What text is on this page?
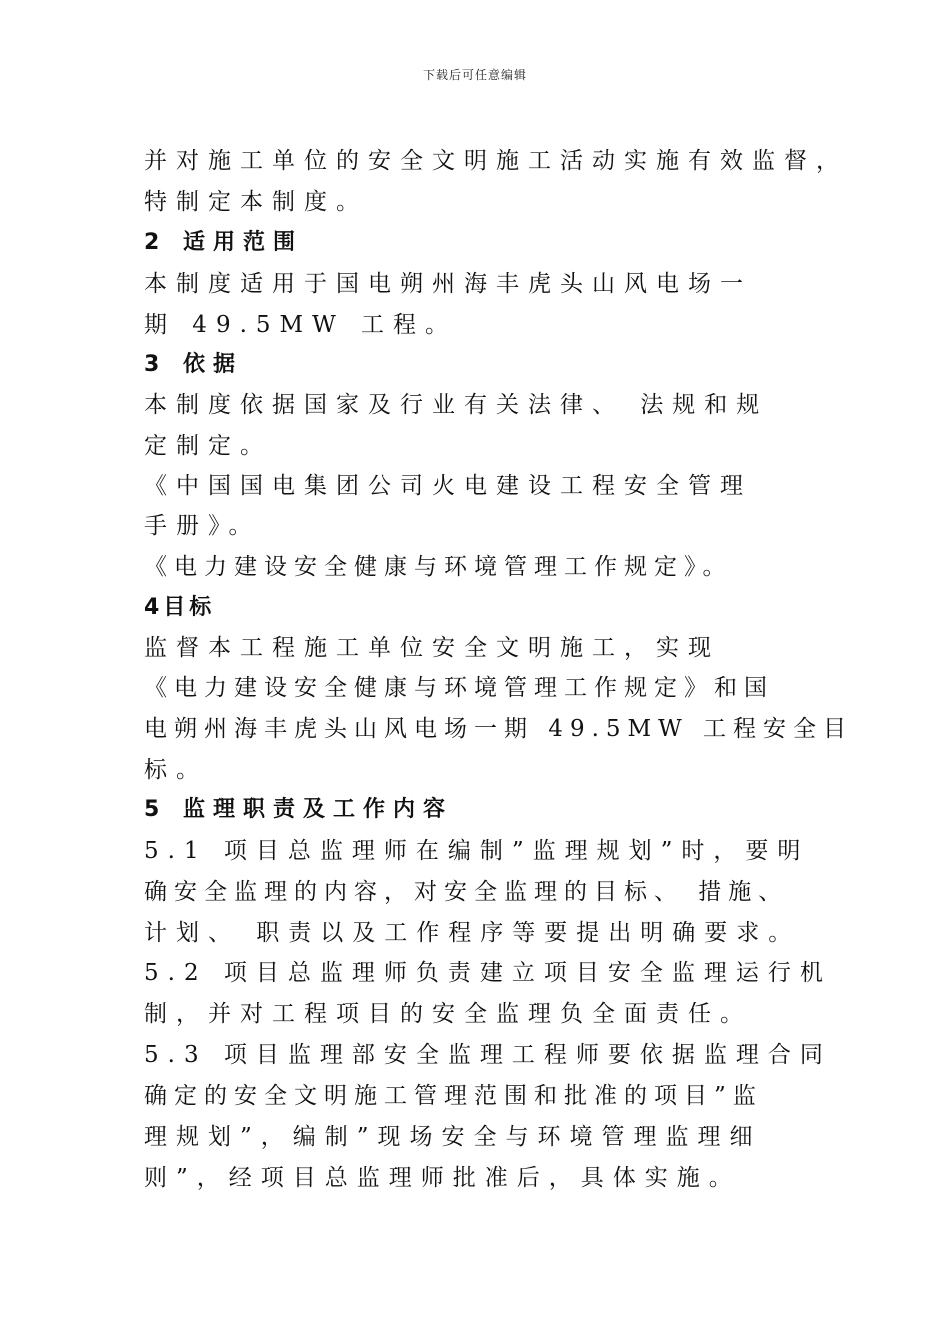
下载后可任意编辑
并对施工单位的安全文明施工活动实施有效监督，
特制定本制度。
2 适用范围
本制度适用于国电朔州海丰虎头山风电场一
期 49.5MW 工程。
3 依据
本制度依据国家及行业有关法律、 法规和规
定制定。
《中国国电集团公司火电建设工程安全管理
手册》。
《电力建设安全健康与环境管理工作规定》。
4目标
监督本工程施工单位安全文明施工，实现
《电力建设安全健康与环境管理工作规定》和国
电朔州海丰虎头山风电场一期 49.5MW 工程安全目
标。
5 监理职责及工作内容
5.1 项目总监理师在编制”监理规划”时，要明
确安全监理的内容，对安全监理的目标、 措施、
计划、 职责以及工作程序等要提出明确要求。
5.2 项目总监理师负责建立项目安全监理运行机
制，并对工程项目的安全监理负全面责任。
5.3 项目监理部安全监理工程师要依据监理合同
确定的安全文明施工管理范围和批准的项目”监
理规划”，编制”现场安全与环境管理监理细
则”，经项目总监理师批准后，具体实施。
